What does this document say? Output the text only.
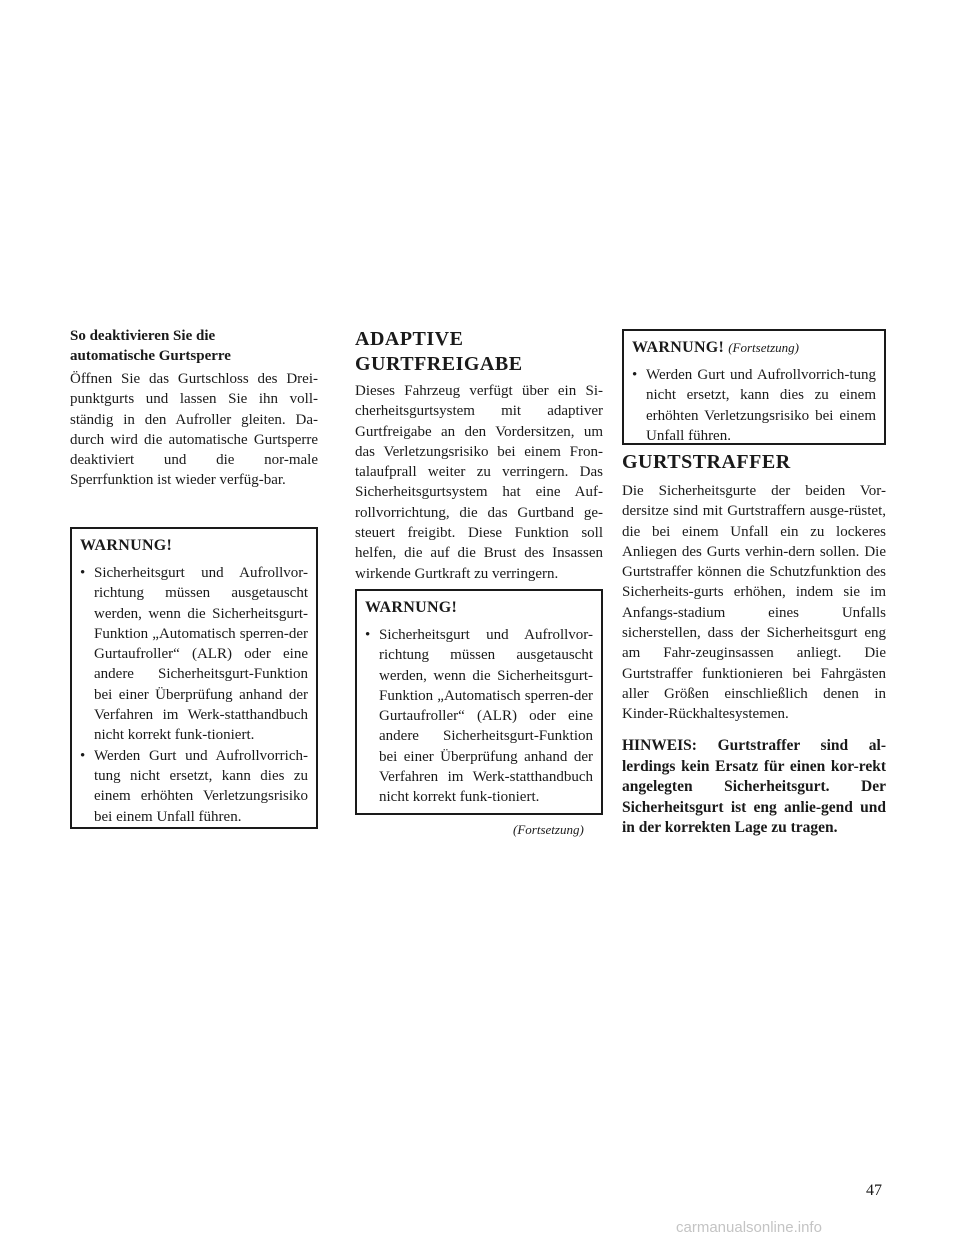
So deaktivieren Sie die
automatische Gurtsperre

Öffnen Sie das Gurtschloss des Drei-punktgurts und lassen Sie ihn voll-ständig in den Aufroller gleiten. Da-durch wird die automatische Gurtsperre deaktiviert und die nor-male Sperrfunktion ist wieder verfüg-bar.

WARNUNG!
• Sicherheitsgurt und Aufrollvor-richtung müssen ausgetauscht werden, wenn die Sicherheitsgurt-Funktion „Automatisch sperren-der Gurtaufroller“ (ALR) oder eine andere Sicherheitsgurt-Funktion bei einer Überprüfung anhand der Verfahren im Werk-statthandbuch nicht korrekt funk-tioniert.
• Werden Gurt und Aufrollvorrich-tung nicht ersetzt, kann dies zu einem erhöhten Verletzungsrisiko bei einem Unfall führen.
ADAPTIVE
GURTFREIGABE

Dieses Fahrzeug verfügt über ein Si-cherheitsgurtsystem mit adaptiver Gurtfreigabe an den Vordersitzen, um das Verletzungsrisiko bei einem Fron-talaufprall weiter zu verringern. Das Sicherheitsgurtsystem hat eine Auf-rollvorrichtung, die das Gurtband ge-steuert freigibt. Diese Funktion soll helfen, die auf die Brust des Insassen wirkende Gurtkraft zu verringern.

WARNUNG!
• Sicherheitsgurt und Aufrollvor-richtung müssen ausgetauscht werden, wenn die Sicherheitsgurt-Funktion „Automatisch sperren-der Gurtaufroller“ (ALR) oder eine andere Sicherheitsgurt-Funktion bei einer Überprüfung anhand der Verfahren im Werk-statthandbuch nicht korrekt funk-tioniert.
(Fortsetzung)
WARNUNG! (Fortsetzung)
• Werden Gurt und Aufrollvorrich-tung nicht ersetzt, kann dies zu einem erhöhten Verletzungsrisiko bei einem Unfall führen.
GURTSTRAFFER

Die Sicherheitsgurte der beiden Vor-dersitze sind mit Gurtstraffern ausge-rüstet, die bei einem Unfall ein zu lockeres Anliegen des Gurts verhin-dern sollen. Die Gurtstraffer können die Schutzfunktion des Sicherheits-gurts erhöhen, indem sie im Anfangs-stadium eines Unfalls sicherstellen, dass der Sicherheitsgurt eng am Fahr-zeuginsassen anliegt. Die Gurtstraffer funktionieren bei Fahrgästen aller Größen einschließlich denen in Kinder-Rückhaltesystemen.

HINWEIS: Gurtstraffer sind al-lerdings kein Ersatz für einen kor-rekt angelegten Sicherheitsgurt. Der Sicherheitsgurt ist eng anlie-gend und in der korrekten Lage zu tragen.

47
carmanualsonline.info
